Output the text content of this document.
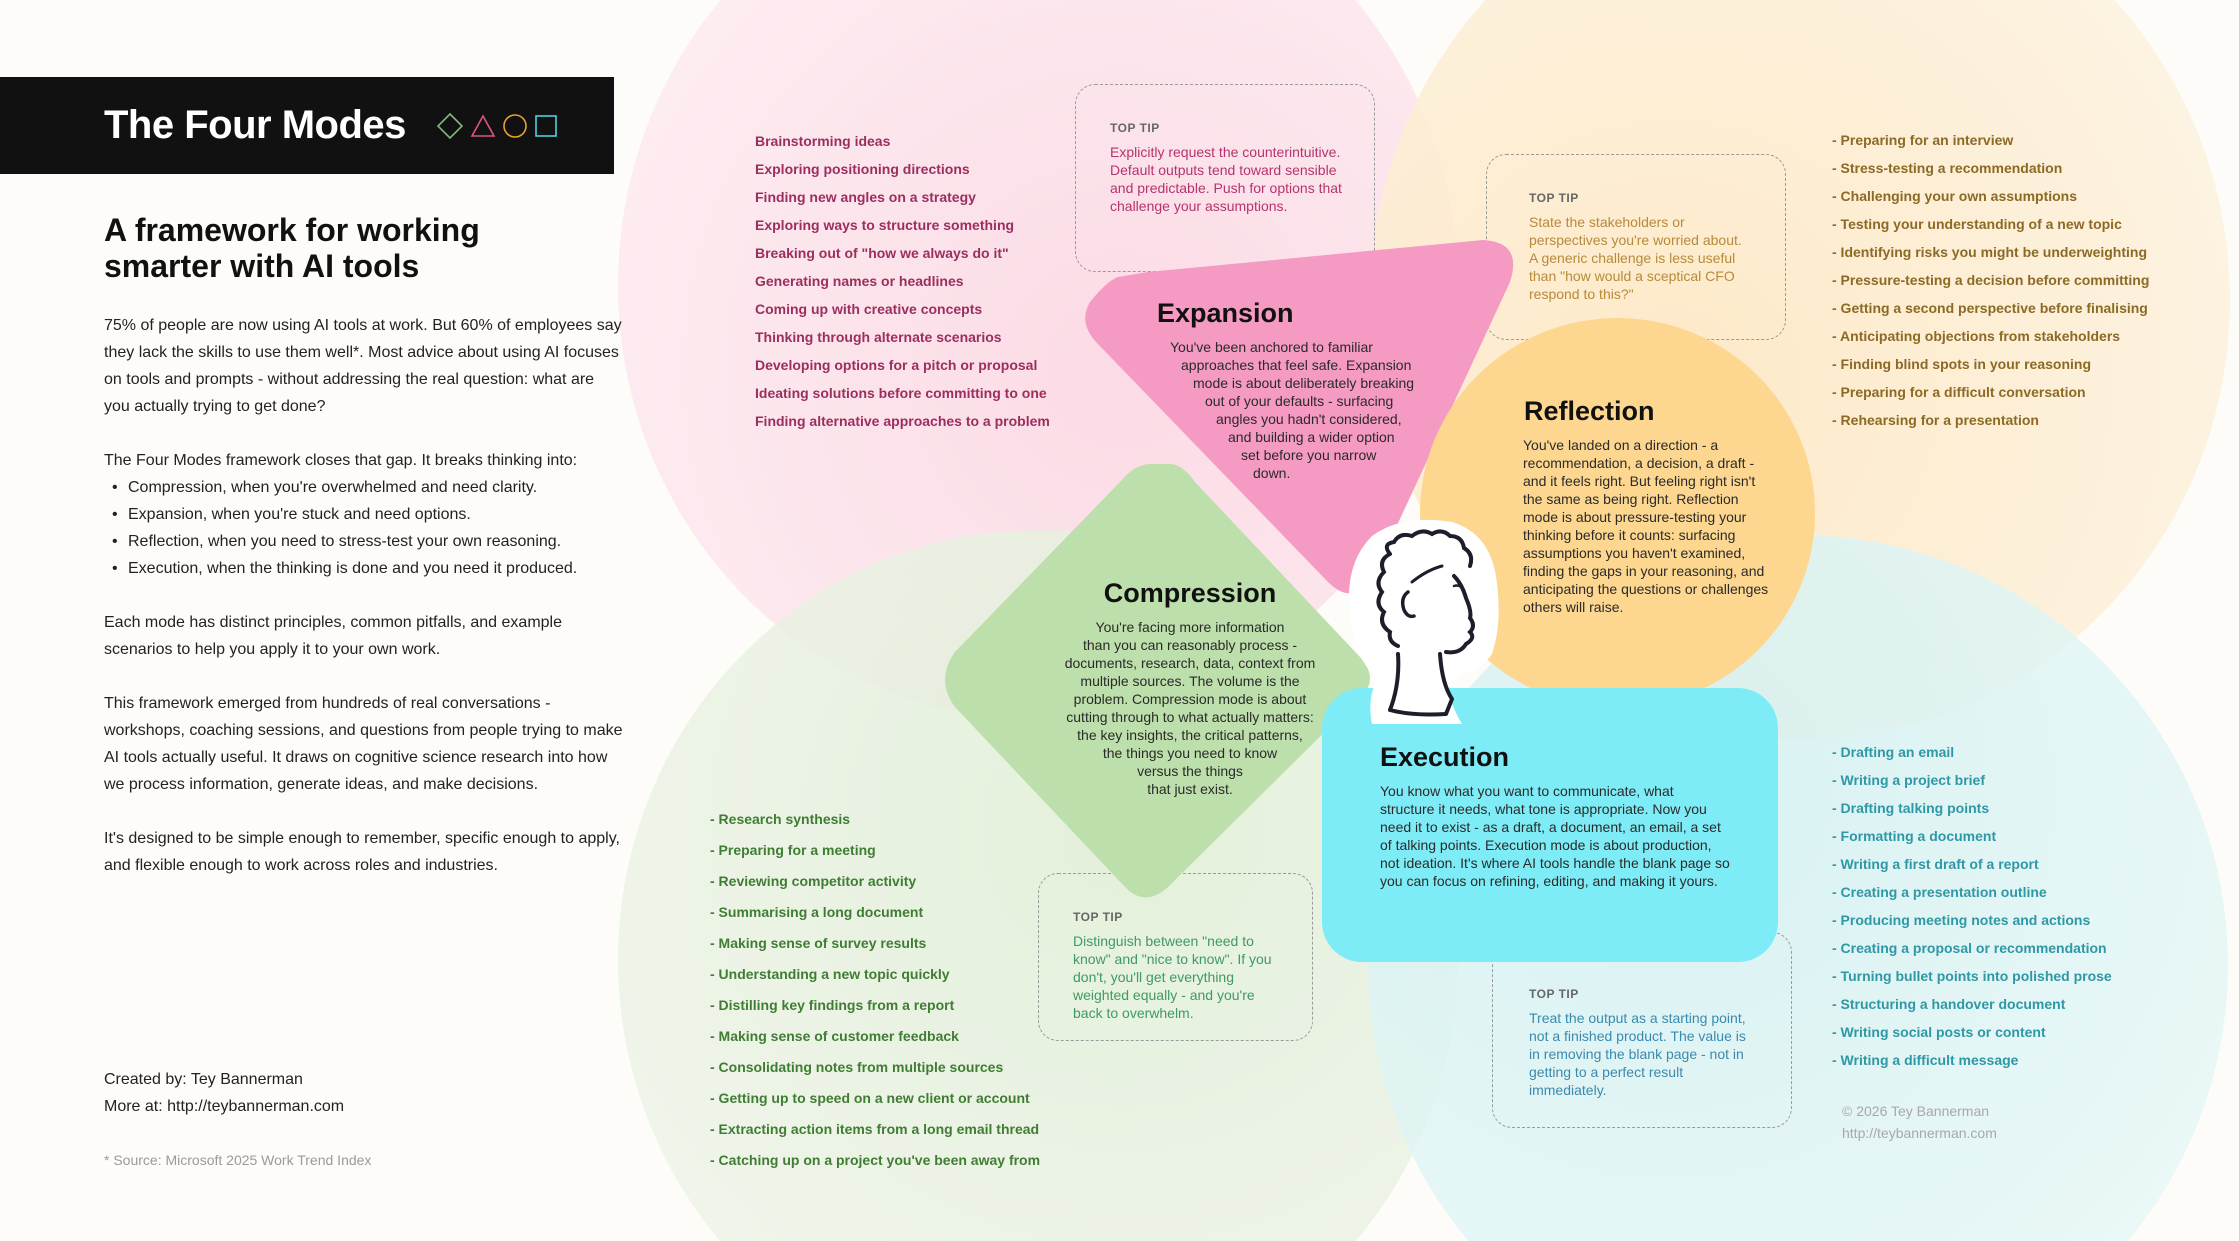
The Four Modes
A framework for working
smarter with AI tools

75% of people are now using AI tools at work. But 60% of employees say they lack the skills to use them well*. Most advice about using AI focuses on tools and prompts - without addressing the real question: what are you actually trying to get done?

The Four Modes framework closes that gap. It breaks thinking into:

• Compression, when you're overwhelmed and need clarity.
• Expansion, when you're stuck and need options.
• Reflection, when you need to stress-test your own reasoning.
• Execution, when the thinking is done and you need it produced.

Each mode has distinct principles, common pitfalls, and example scenarios to help you apply it to your own work.

This framework emerged from hundreds of real conversations - workshops, coaching sessions, and questions from people trying to make AI tools actually useful. It draws on cognitive science research into how we process information, generate ideas, and make decisions.

It's designed to be simple enough to remember, specific enough to apply, and flexible enough to work across roles and industries.

Created by: Tey Bannerman
More at: http://teybannerman.com
* Source: Microsoft 2025 Work Trend Index
Brainstorming ideas
Exploring positioning directions
Finding new angles on a strategy
Exploring ways to structure something
Breaking out of "how we always do it"
Generating names or headlines
Coming up with creative concepts
Thinking through alternate scenarios
Developing options for a pitch or proposal
Ideating solutions before committing to one
Finding alternative approaches to a problem
- Preparing for an interview
- Stress-testing a recommendation
- Challenging your own assumptions
- Testing your understanding of a new topic
- Identifying risks you might be underweighting
- Pressure-testing a decision before committing
- Getting a second perspective before finalising
- Anticipating objections from stakeholders
- Finding blind spots in your reasoning
- Preparing for a difficult conversation
- Rehearsing for a presentation
- Research synthesis
- Preparing for a meeting
- Reviewing competitor activity
- Summarising a long document
- Making sense of survey results
- Understanding a new topic quickly
- Distilling key findings from a report
- Making sense of customer feedback
- Consolidating notes from multiple sources
- Getting up to speed on a new client or account
- Extracting action items from a long email thread
- Catching up on a project you've been away from
- Drafting an email
- Writing a project brief
- Drafting talking points
- Formatting a document
- Writing a first draft of a report
- Creating a presentation outline
- Producing meeting notes and actions
- Creating a proposal or recommendation
- Turning bullet points into polished prose
- Structuring a handover document
- Writing social posts or content
- Writing a difficult message
© 2026 Tey Bannerman
http://teybannerman.com
TOP TIP
Explicitly request the counterintuitive. Default outputs tend toward sensible and predictable. Push for options that challenge your assumptions.	TOP TIP
State the stakeholders or perspectives you're worried about. A generic challenge is less useful than "how would a sceptical CFO respond to this?"
TOP TIP
Distinguish between "need to know" and "nice to know". If you don't, you'll get everything weighted equally - and you're back to overwhelm.
TOP TIP
Treat the output as a starting point, not a finished product. The value is in removing the blank page - not in getting to a perfect result immediately.
Expansion
You've been anchored to familiar
approaches that feel safe. Expansion
mode is about deliberately breaking
out of your defaults - surfacing
angles you hadn't considered,
and building a wider option
set before you narrow
down.
Reflection
You've landed on a direction - a recommendation, a decision, a draft - and it feels right. But feeling right isn't the same as being right. Reflection mode is about pressure-testing your thinking before it counts: surfacing assumptions you haven't examined, finding the gaps in your reasoning, and anticipating the questions or challenges others will raise.
Compression
You're facing more information
than you can reasonably process -
documents, research, data, context from
multiple sources. The volume is the
problem. Compression mode is about
cutting through to what actually matters:
the key insights, the critical patterns,
the things you need to know
versus the things
that just exist.
Execution
You know what you want to communicate, what structure it needs, what tone is appropriate. Now you need it to exist - as a draft, a document, an email, a set of talking points. Execution mode is about production, not ideation. It's where AI tools handle the blank page so you can focus on refining, editing, and making it yours.
